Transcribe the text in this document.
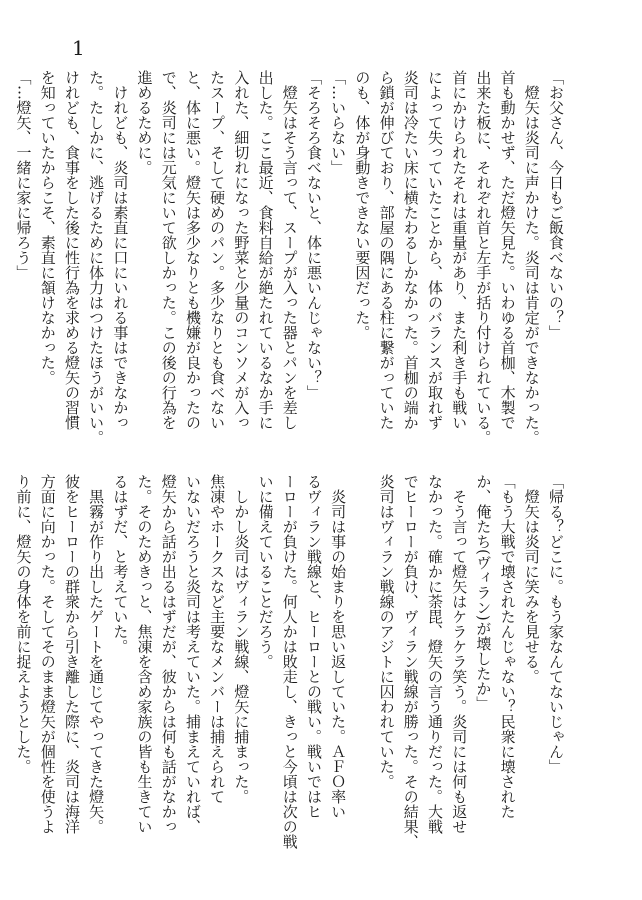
1
「お父さん、今日もご飯食べないの？」
　燈矢は炎司に声かけた。炎司は肯定ができなかった。
首も動かせず、ただ燈矢見た。いわゆる首枷、木製で
出来た板に、それぞれ首と左手が括り付けられている。
首にかけられたそれは重量があり、また利き手も戦い
によって失っていたことから、体のバランスが取れず
炎司は冷たい床に横たわるしかなかった。首枷の端か
ら鎖が伸びており、部屋の隅にある柱に繋がっていた
のも、体が身動きできない要因だった。
「…いらない」
「そろそろ食べないと、体に悪いんじゃない？」
　燈矢はそう言って、スープが入った器とパンを差し
出した。ここ最近、食料自給が絶たれているなか手に
入れた、細切れになった野菜と少量のコンソメが入っ
たスープ、そして硬めのパン。多少なりとも食べない
と、体に悪い。燈矢は多少なりとも機嫌が良かったの
で、炎司には元気にいて欲しかった。この後の行為を
進めるために。
　けれども、炎司は素直に口にいれる事はできなかっ
た。たしかに、逃げるために体力はつけたほうがいい。
けれども、食事をした後に性行為を求める燈矢の習慣
を知っていたからこそ、素直に頷けなかった。
「…燈矢、一緒に家に帰ろう」
「帰る？どこに。もう家なんてないじゃん」
　燈矢は炎司に笑みを見せる。
「もう大戦で壊されたんじゃない？民衆に壊された
か、俺たち(ヴィラン)が壊したか」
　そう言って燈矢はケラケラ笑う。炎司には何も返せ
なかった。確かに荼毘、燈矢の言う通りだった。大戦
でヒーローが負け、ヴィラン戦線が勝った。その結果、
炎司はヴィラン戦線のアジトに囚われていた。

　炎司は事の始まりを思い返していた。ＡＦＯ率い
るヴィラン戦線と、ヒーローとの戦い。戦いではヒ
ーローが負けた。何人かは敗走し、きっと今頃は次の戦
いに備えていることだろう。
　しかし炎司はヴィラン戦線、燈矢に捕まった。
焦凍やホークスなど主要なメンバーは捕えられて
いないだろうと炎司は考えていた。捕まえていれば、
燈矢から話が出るはずだが、彼からは何も話がなかっ
た。そのためきっと、焦凍を含め家族の皆も生きてい
るはずだ、と考えていた。
　黒霧が作り出したゲートを通じてやってきた燈矢。
彼をヒーローの群衆から引き離した際に、炎司は海洋
方面に向かった。そしてそのまま燈矢が個性を使うよ
り前に、燈矢の身体を前に捉えようとした。
